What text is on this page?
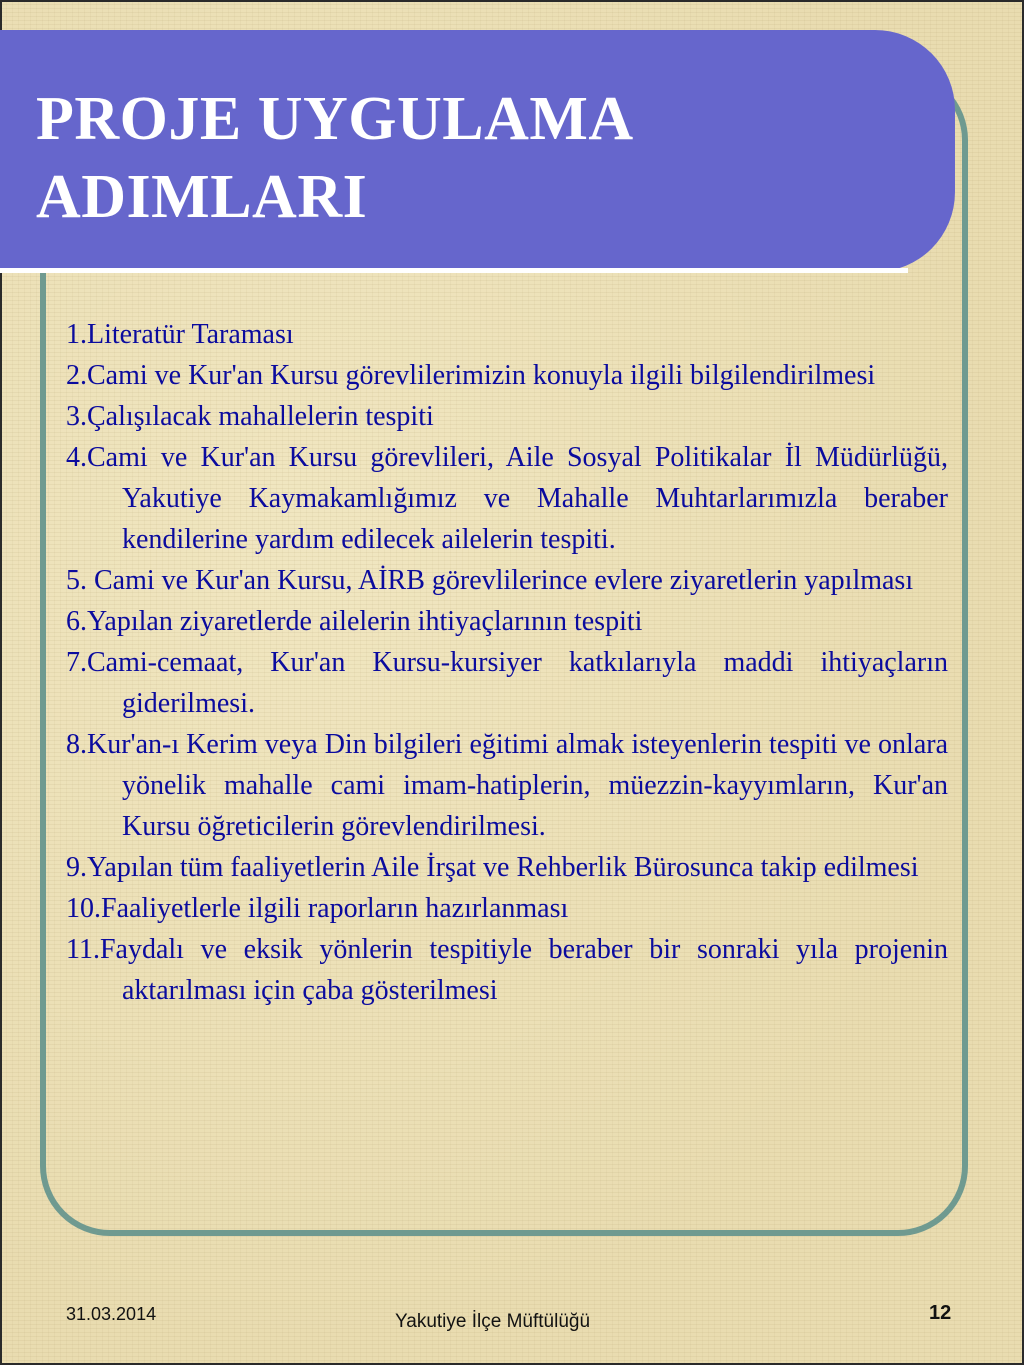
PROJE UYGULAMA ADIMLARI
1.Literatür Taraması
2.Cami ve Kur'an Kursu görevlilerimizin konuyla ilgili bilgilendirilmesi
3.Çalışılacak mahallelerin tespiti
4.Cami ve Kur'an Kursu görevlileri, Aile Sosyal Politikalar İl Müdürlüğü, Yakutiye Kaymakamlığımız ve Mahalle Muhtarlarımızla beraber kendilerine yardım edilecek ailelerin tespiti.
5. Cami ve Kur'an Kursu, AİRB görevlilerince evlere ziyaretlerin yapılması
6.Yapılan ziyaretlerde ailelerin ihtiyaçlarının tespiti
7.Cami-cemaat, Kur'an Kursu-kursiyer katkılarıyla maddi ihtiyaçların giderilmesi.
8.Kur'an-ı Kerim veya Din bilgileri eğitimi almak isteyenlerin tespiti ve onlara yönelik mahalle cami imam-hatiplerin, müezzin-kayyımların, Kur'an Kursu öğreticilerin görevlendirilmesi.
9.Yapılan tüm faaliyetlerin Aile İrşat ve Rehberlik Bürosunca takip edilmesi
10.Faaliyetlerle ilgili raporların hazırlanması
11.Faydalı ve eksik yönlerin tespitiyle beraber bir sonraki yıla projenin aktarılması için çaba gösterilmesi
31.03.2014	Yakutiye İlçe Müftülüğü	12
